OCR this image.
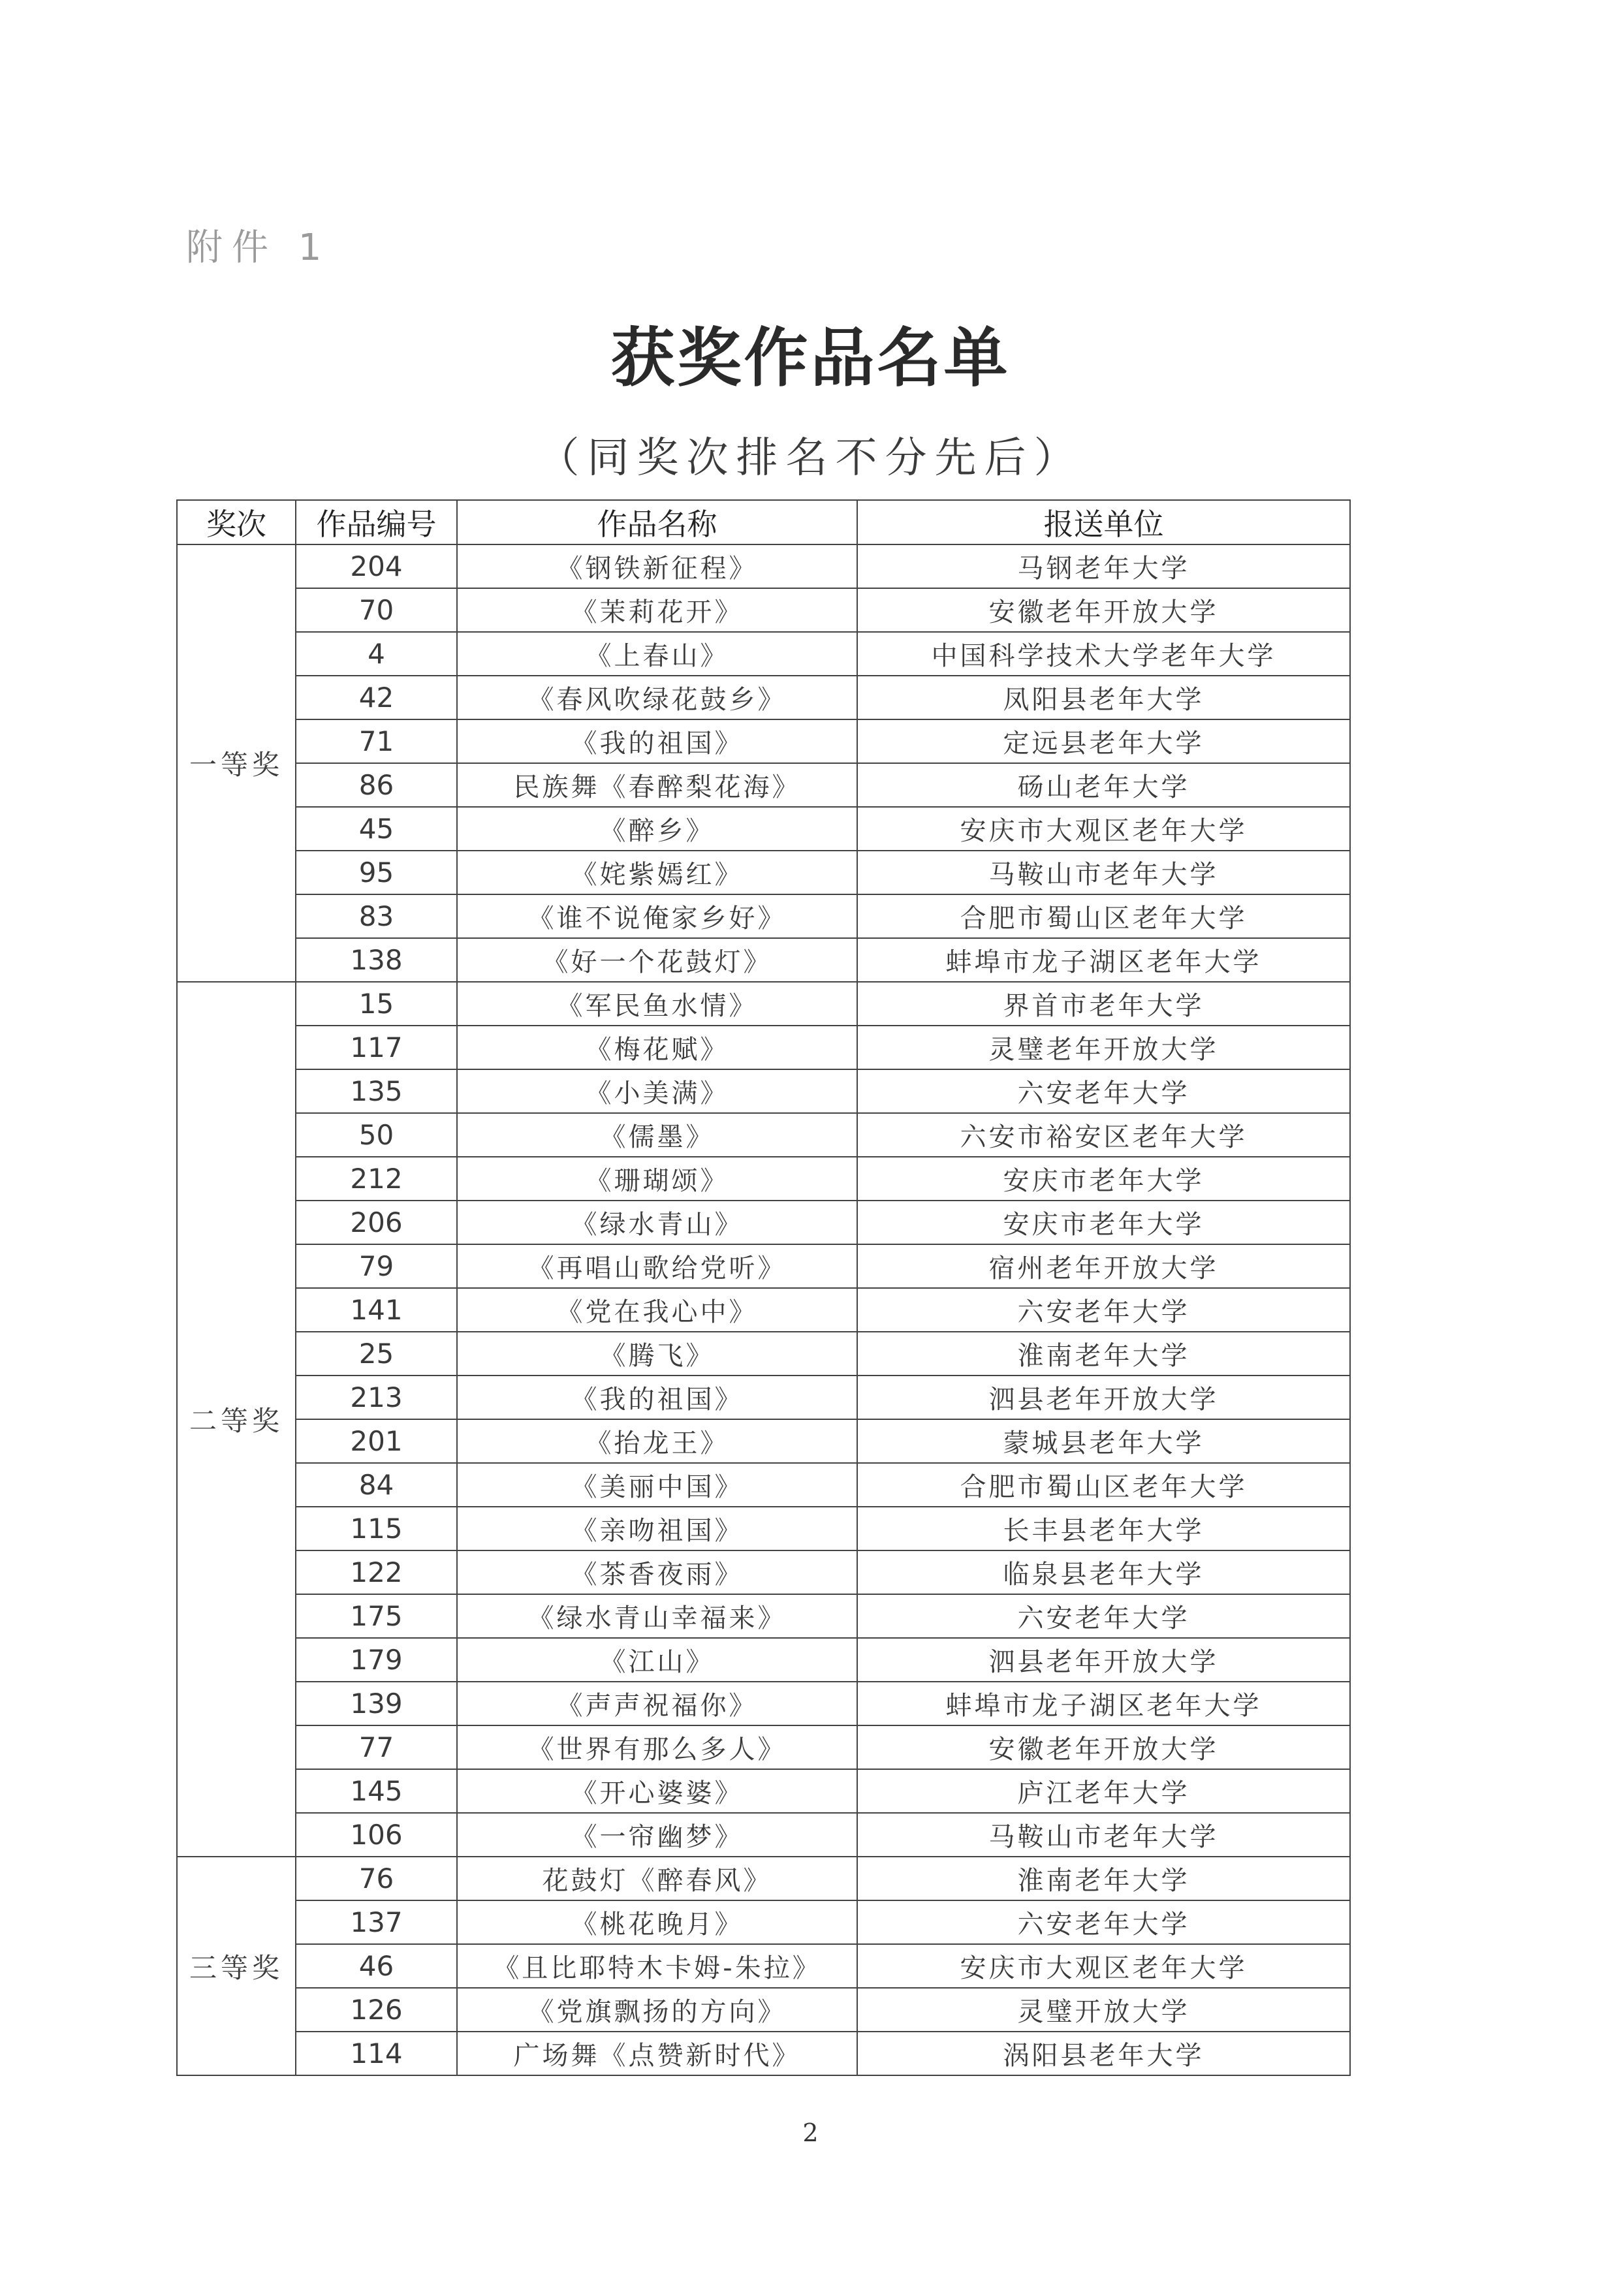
附件 1
获奖作品名单
（同奖次排名不分先后）
奖次	作品编号	作品名称	报送单位
一等奖	204	《钢铁新征程》	马钢老年大学
	70	《茉莉花开》	安徽老年开放大学
	4	《上春山》	中国科学技术大学老年大学
	42	《春风吹绿花鼓乡》	凤阳县老年大学
	71	《我的祖国》	定远县老年大学
	86	民族舞《春醉梨花海》	砀山老年大学
	45	《醉乡》	安庆市大观区老年大学
	95	《姹紫嫣红》	马鞍山市老年大学
	83	《谁不说俺家乡好》	合肥市蜀山区老年大学
	138	《好一个花鼓灯》	蚌埠市龙子湖区老年大学
二等奖	15	《军民鱼水情》	界首市老年大学
	117	《梅花赋》	灵璧老年开放大学
	135	《小美满》	六安老年大学
	50	《儒墨》	六安市裕安区老年大学
	212	《珊瑚颂》	安庆市老年大学
	206	《绿水青山》	安庆市老年大学
	79	《再唱山歌给党听》	宿州老年开放大学
	141	《党在我心中》	六安老年大学
	25	《腾飞》	淮南老年大学
	213	《我的祖国》	泗县老年开放大学
	201	《抬龙王》	蒙城县老年大学
	84	《美丽中国》	合肥市蜀山区老年大学
	115	《亲吻祖国》	长丰县老年大学
	122	《茶香夜雨》	临泉县老年大学
	175	《绿水青山幸福来》	六安老年大学
	179	《江山》	泗县老年开放大学
	139	《声声祝福你》	蚌埠市龙子湖区老年大学
	77	《世界有那么多人》	安徽老年开放大学
	145	《开心婆婆》	庐江老年大学
	106	《一帘幽梦》	马鞍山市老年大学
三等奖	76	花鼓灯《醉春风》	淮南老年大学
	137	《桃花晚月》	六安老年大学
	46	《且比耶特木卡姆-朱拉》	安庆市大观区老年大学
	126	《党旗飘扬的方向》	灵璧开放大学
	114	广场舞《点赞新时代》	涡阳县老年大学
2
